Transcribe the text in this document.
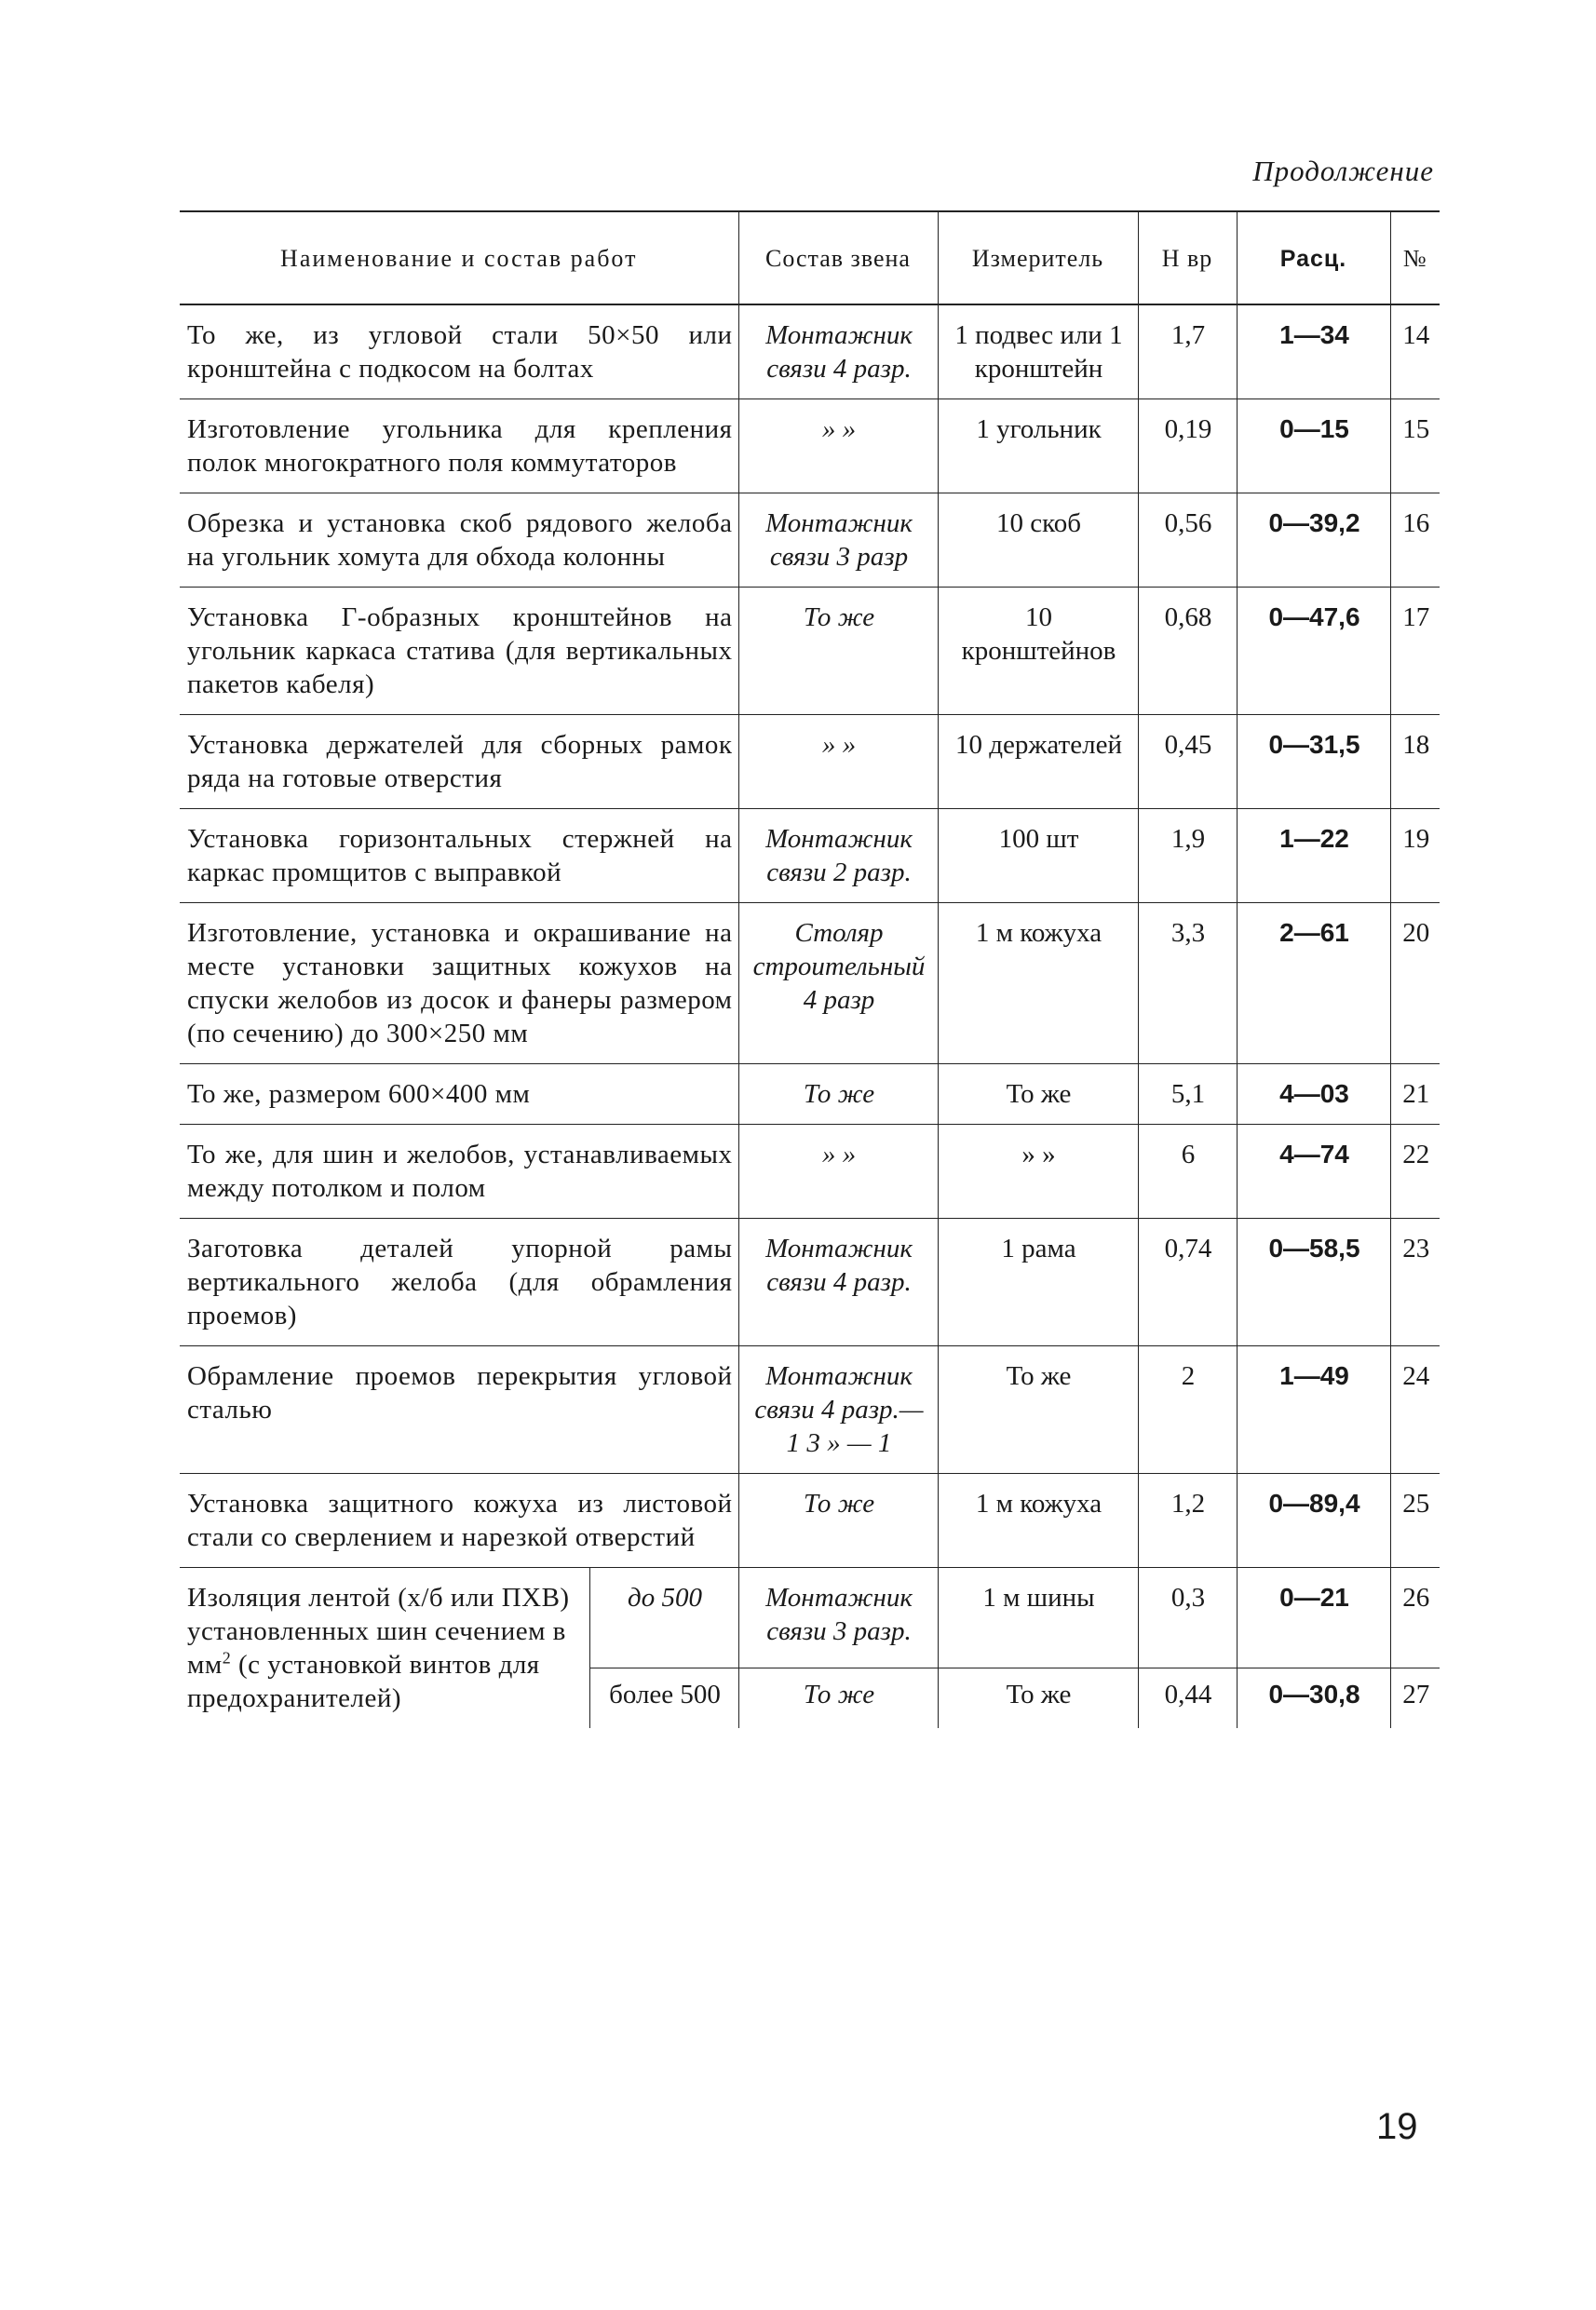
Продолжение
Наименование и состав работ		Состав звена	Измеритель	Н вр	Расц.	№
То же, из угловой стали 50×50 или кронштейна с подкосом на болтах		Монтажник связи 4 разр.	1 подвес или 1 кронштейн	1,7	1—34	14
Изготовление угольника для крепления полок многократного поля коммутаторов		» »	1 угольник	0,19	0—15	15
Обрезка и установка скоб рядового желоба на угольник хомута для обхода колонны		Монтажник связи 3 разр	10 скоб	0,56	0—39,2	16
Установка Г-образных кронштейнов на угольник каркаса статива (для вертикальных пакетов кабеля)		То же	10 кронштейнов	0,68	0—47,6	17
Установка держателей для сборных рамок ряда на готовые отверстия		» »	10 держателей	0,45	0—31,5	18
Установка горизонтальных стержней на каркас промщитов с выправкой		Монтажник связи 2 разр.	100 шт	1,9	1—22	19
Изготовление, установка и окрашивание на месте установки защитных кожухов на спуски желобов из досок и фанеры размером (по сечению) до 300×250 мм		Столяр строительный 4 разр	1 м кожуха	3,3	2—61	20
То же, размером 600×400 мм		То же	То же	5,1	4—03	21
То же, для шин и желобов, устанавливаемых между потолком и полом		» »	» »	6	4—74	22
Заготовка деталей упорной рамы вертикального желоба (для обрамления проемов)		Монтажник связи 4 разр.	1 рама	0,74	0—58,5	23
Обрамление проемов перекрытия угловой сталью		Монтажник связи 4 разр.— 1 3 » — 1	То же	2	1—49	24
Установка защитного кожуха из листовой стали со сверлением и нарезкой отверстий		То же	1 м кожуха	1,2	0—89,4	25
Изоляция лентой (х/б или ПХВ) установленных шин сечением в $мм^2$ (с установкой винтов для предохранителей)	до 500	Монтажник связи 3 разр.	1 м шины	0,3	0—21	26
	более 500	То же	То же	0,44	0—30,8	27
19
